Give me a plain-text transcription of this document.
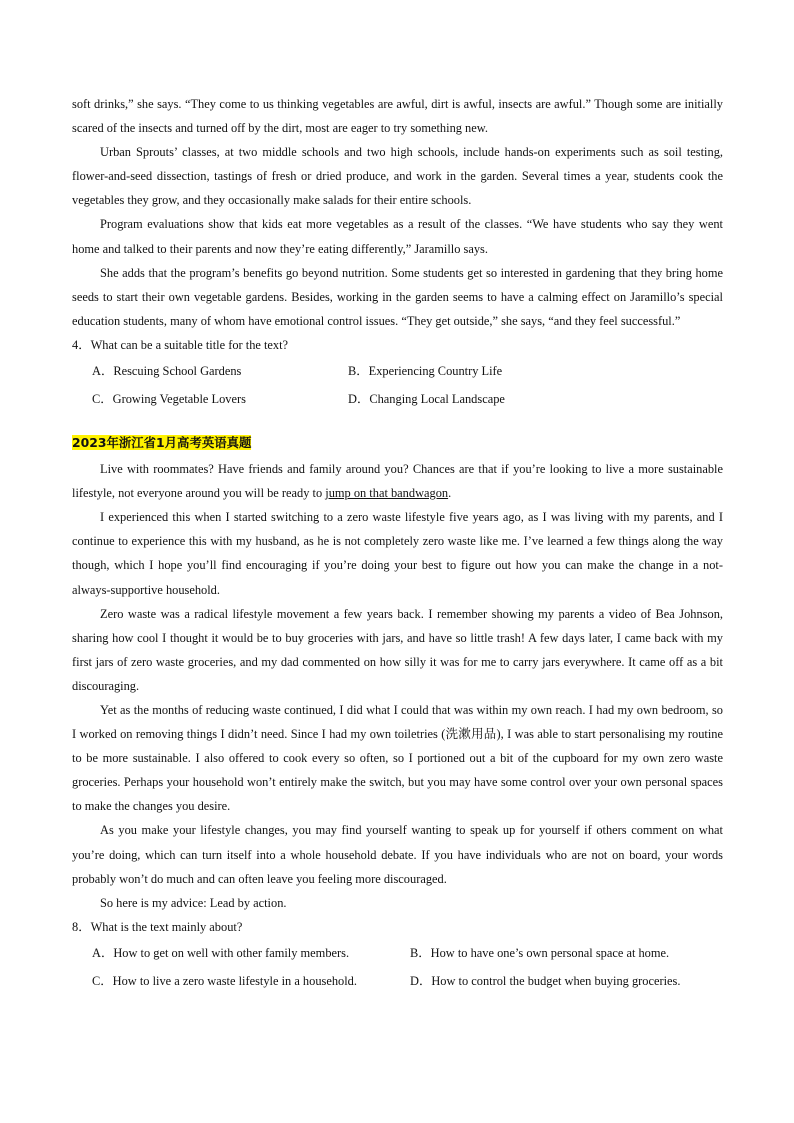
soft drinks,” she says. “They come to us thinking vegetables are awful, dirt is awful, insects are awful.” Though some are initially scared of the insects and turned off by the dirt, most are eager to try something new.

Urban Sprouts’ classes, at two middle schools and two high schools, include hands-on experiments such as soil testing, flower-and-seed dissection, tastings of fresh or dried produce, and work in the garden. Several times a year, students cook the vegetables they grow, and they occasionally make salads for their entire schools.

Program evaluations show that kids eat more vegetables as a result of the classes. “We have students who say they went home and talked to their parents and now they’re eating differently,” Jaramillo says.

She adds that the program’s benefits go beyond nutrition. Some students get so interested in gardening that they bring home seeds to start their own vegetable gardens. Besides, working in the garden seems to have a calming effect on Jaramillo’s special education students, many of whom have emotional control issues. “They get outside,” she says, “and they feel successful.”

4．What can be a suitable title for the text?
A．Rescuing School Gardens	B．Experiencing Country Life
C．Growing Vegetable Lovers	D．Changing Local Landscape
2023年浙江省1月高考英语真题

Live with roommates? Have friends and family around you? Chances are that if you’re looking to live a more sustainable lifestyle, not everyone around you will be ready to jump on that bandwagon.

I experienced this when I started switching to a zero waste lifestyle five years ago, as I was living with my parents, and I continue to experience this with my husband, as he is not completely zero waste like me. I’ve learned a few things along the way though, which I hope you’ll find encouraging if you’re doing your best to figure out how you can make the change in a not-always-supportive household.

Zero waste was a radical lifestyle movement a few years back. I remember showing my parents a video of Bea Johnson, sharing how cool I thought it would be to buy groceries with jars, and have so little trash! A few days later, I came back with my first jars of zero waste groceries, and my dad commented on how silly it was for me to carry jars everywhere. It came off as a bit discouraging.

Yet as the months of reducing waste continued, I did what I could that was within my own reach. I had my own bedroom, so I worked on removing things I didn’t need. Since I had my own toiletries (洗漱用品), I was able to start personalising my routine to be more sustainable. I also offered to cook every so often, so I portioned out a bit of the cupboard for my own zero waste groceries. Perhaps your household won’t entirely make the switch, but you may have some control over your own personal spaces to make the changes you desire.

As you make your lifestyle changes, you may find yourself wanting to speak up for yourself if others comment on what you’re doing, which can turn itself into a whole household debate. If you have individuals who are not on board, your words probably won’t do much and can often leave you feeling more discouraged.

So here is my advice: Lead by action.

8．What is the text mainly about?
A．How to get on well with other family members.	B．How to have one’s own personal space at home.
C．How to live a zero waste lifestyle in a household.	D．How to control the budget when buying groceries.
